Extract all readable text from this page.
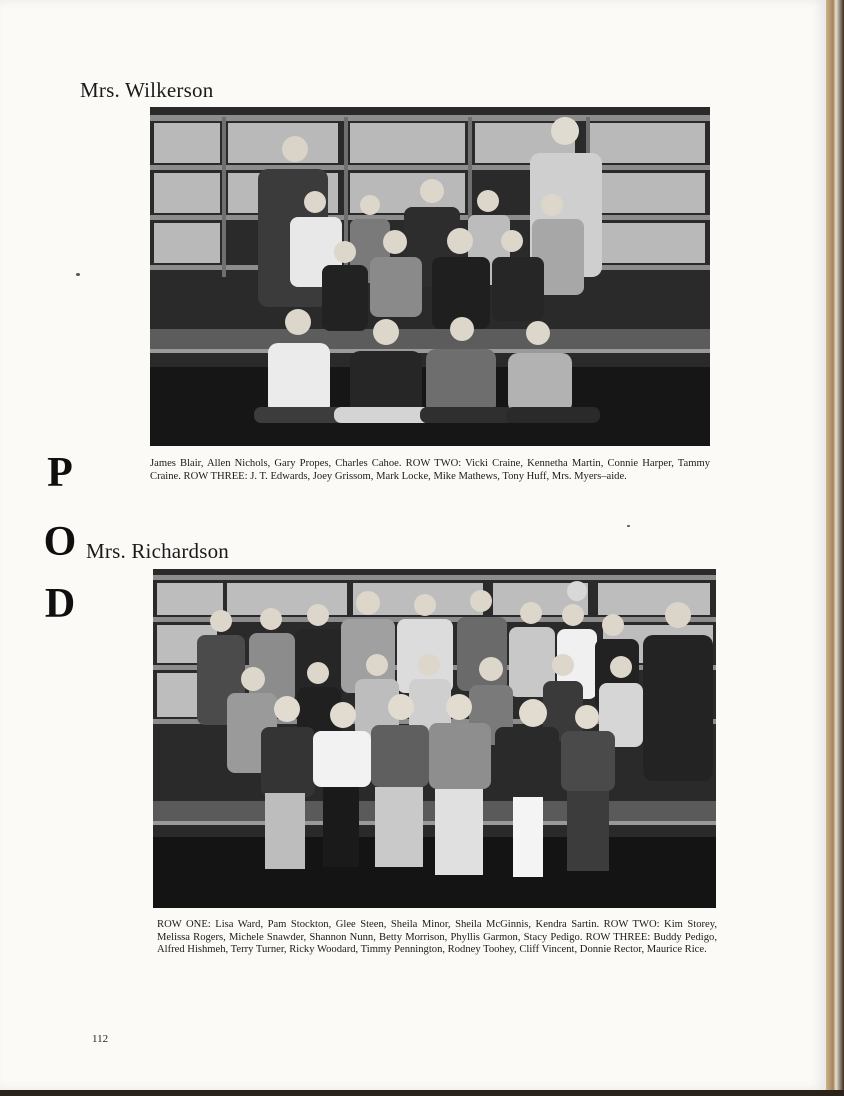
Mrs. Wilkerson
James Blair, Allen Nichols, Gary Propes, Charles Cahoe. ROW TWO: Vicki Craine, Kennetha Martin, Connie Harper, Tammy Craine. ROW THREE: J. T. Edwards, Joey Grissom, Mark Locke, Mike Mathews, Tony Huff, Mrs. Myers–aide.
P
O
D
Mrs. Richardson
ROW ONE: Lisa Ward, Pam Stockton, Glee Steen, Sheila Minor, Sheila McGinnis, Kendra Sartin. ROW TWO: Kim Storey, Melissa Rogers, Michele Snawder, Shannon Nunn, Betty Morrison, Phyllis Garmon, Stacy Pedigo. ROW THREE: Buddy Pedigo, Alfred Hishmeh, Terry Turner, Ricky Woodard, Timmy Pennington, Rodney Toohey, Cliff Vincent, Donnie Rector, Maurice Rice.
112
